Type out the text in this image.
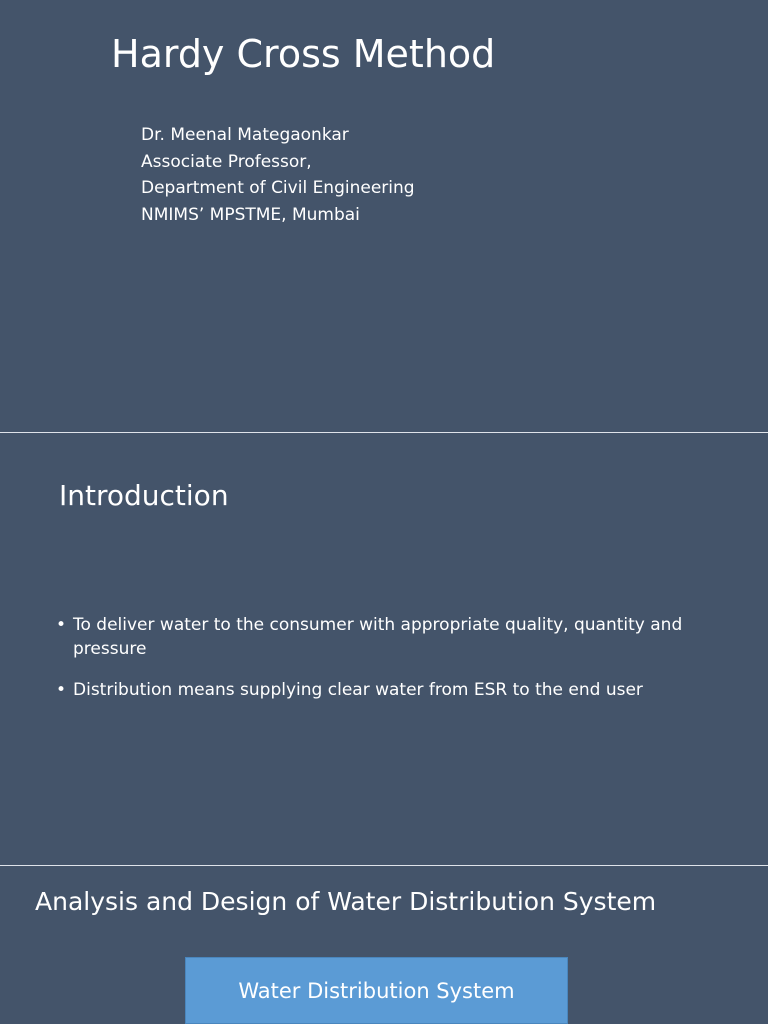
Hardy Cross Method
Dr. Meenal Mategaonkar
Associate Professor,
Department of Civil Engineering
NMIMS’ MPSTME, Mumbai
Introduction
• To deliver water to the consumer with appropriate quality, quantity and pressure
• Distribution means supplying clear water from ESR to the end user
Analysis and Design of Water Distribution System
Water Distribution System
